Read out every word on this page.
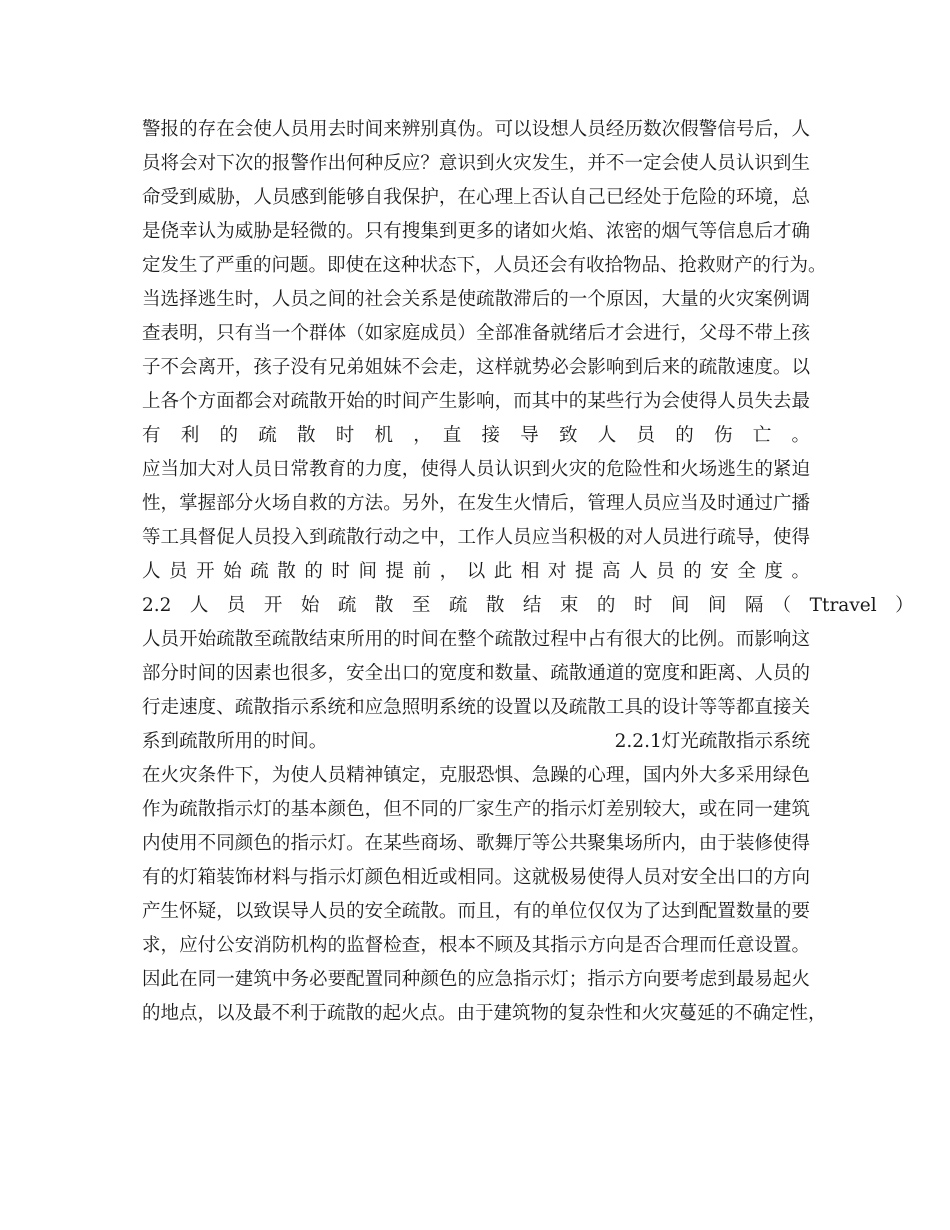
警报的存在会使人员用去时间来辨别真伪。可以设想人员经历数次假警信号后，人
员将会对下次的报警作出何种反应？意识到火灾发生，并不一定会使人员认识到生
命受到威胁，人员感到能够自我保护，在心理上否认自己已经处于危险的环境，总
是侥幸认为威胁是轻微的。只有搜集到更多的诸如火焰、浓密的烟气等信息后才确
定发生了严重的问题。即使在这种状态下，人员还会有收拾物品、抢救财产的行为。
当选择逃生时，人员之间的社会关系是使疏散滞后的一个原因，大量的火灾案例调
查表明，只有当一个群体（如家庭成员）全部准备就绪后才会进行，父母不带上孩
子不会离开，孩子没有兄弟姐妹不会走，这样就势必会影响到后来的疏散速度。以
上各个方面都会对疏散开始的时间产生影响，而其中的某些行为会使得人员失去最
有　利　的　疏　散　时　机　，　直　接　导　致　人　员　的　伤　亡　。
应当加大对人员日常教育的力度，使得人员认识到火灾的危险性和火场逃生的紧迫
性，掌握部分火场自救的方法。另外，在发生火情后，管理人员应当及时通过广播
等工具督促人员投入到疏散行动之中，工作人员应当积极的对人员进行疏导，使得
人 员 开 始 疏 散 的 时 间 提 前 ， 以 此 相 对 提 高 人 员 的 安 全 度 。
2.2　人　员　开　始　疏　散　至　疏　散　结　束　的　时　间　间　隔　（　Ttravel　）
人员开始疏散至疏散结束所用的时间在整个疏散过程中占有很大的比例。而影响这
部分时间的因素也很多，安全出口的宽度和数量、疏散通道的宽度和距离、人员的
行走速度、疏散指示系统和应急照明系统的设置以及疏散工具的设计等等都直接关
系到疏散所用的时间。　　　　　　　　　　　　　　　　2.2.1灯光疏散指示系统
在火灾条件下，为使人员精神镇定，克服恐惧、急躁的心理，国内外大多采用绿色
作为疏散指示灯的基本颜色，但不同的厂家生产的指示灯差别较大，或在同一建筑
内使用不同颜色的指示灯。在某些商场、歌舞厅等公共聚集场所内，由于装修使得
有的灯箱装饰材料与指示灯颜色相近或相同。这就极易使得人员对安全出口的方向
产生怀疑，以致误导人员的安全疏散。而且，有的单位仅仅为了达到配置数量的要
求，应付公安消防机构的监督检查，根本不顾及其指示方向是否合理而任意设置。
因此在同一建筑中务必要配置同种颜色的应急指示灯；指示方向要考虑到最易起火
的地点，以及最不利于疏散的起火点。由于建筑物的复杂性和火灾蔓延的不确定性，
